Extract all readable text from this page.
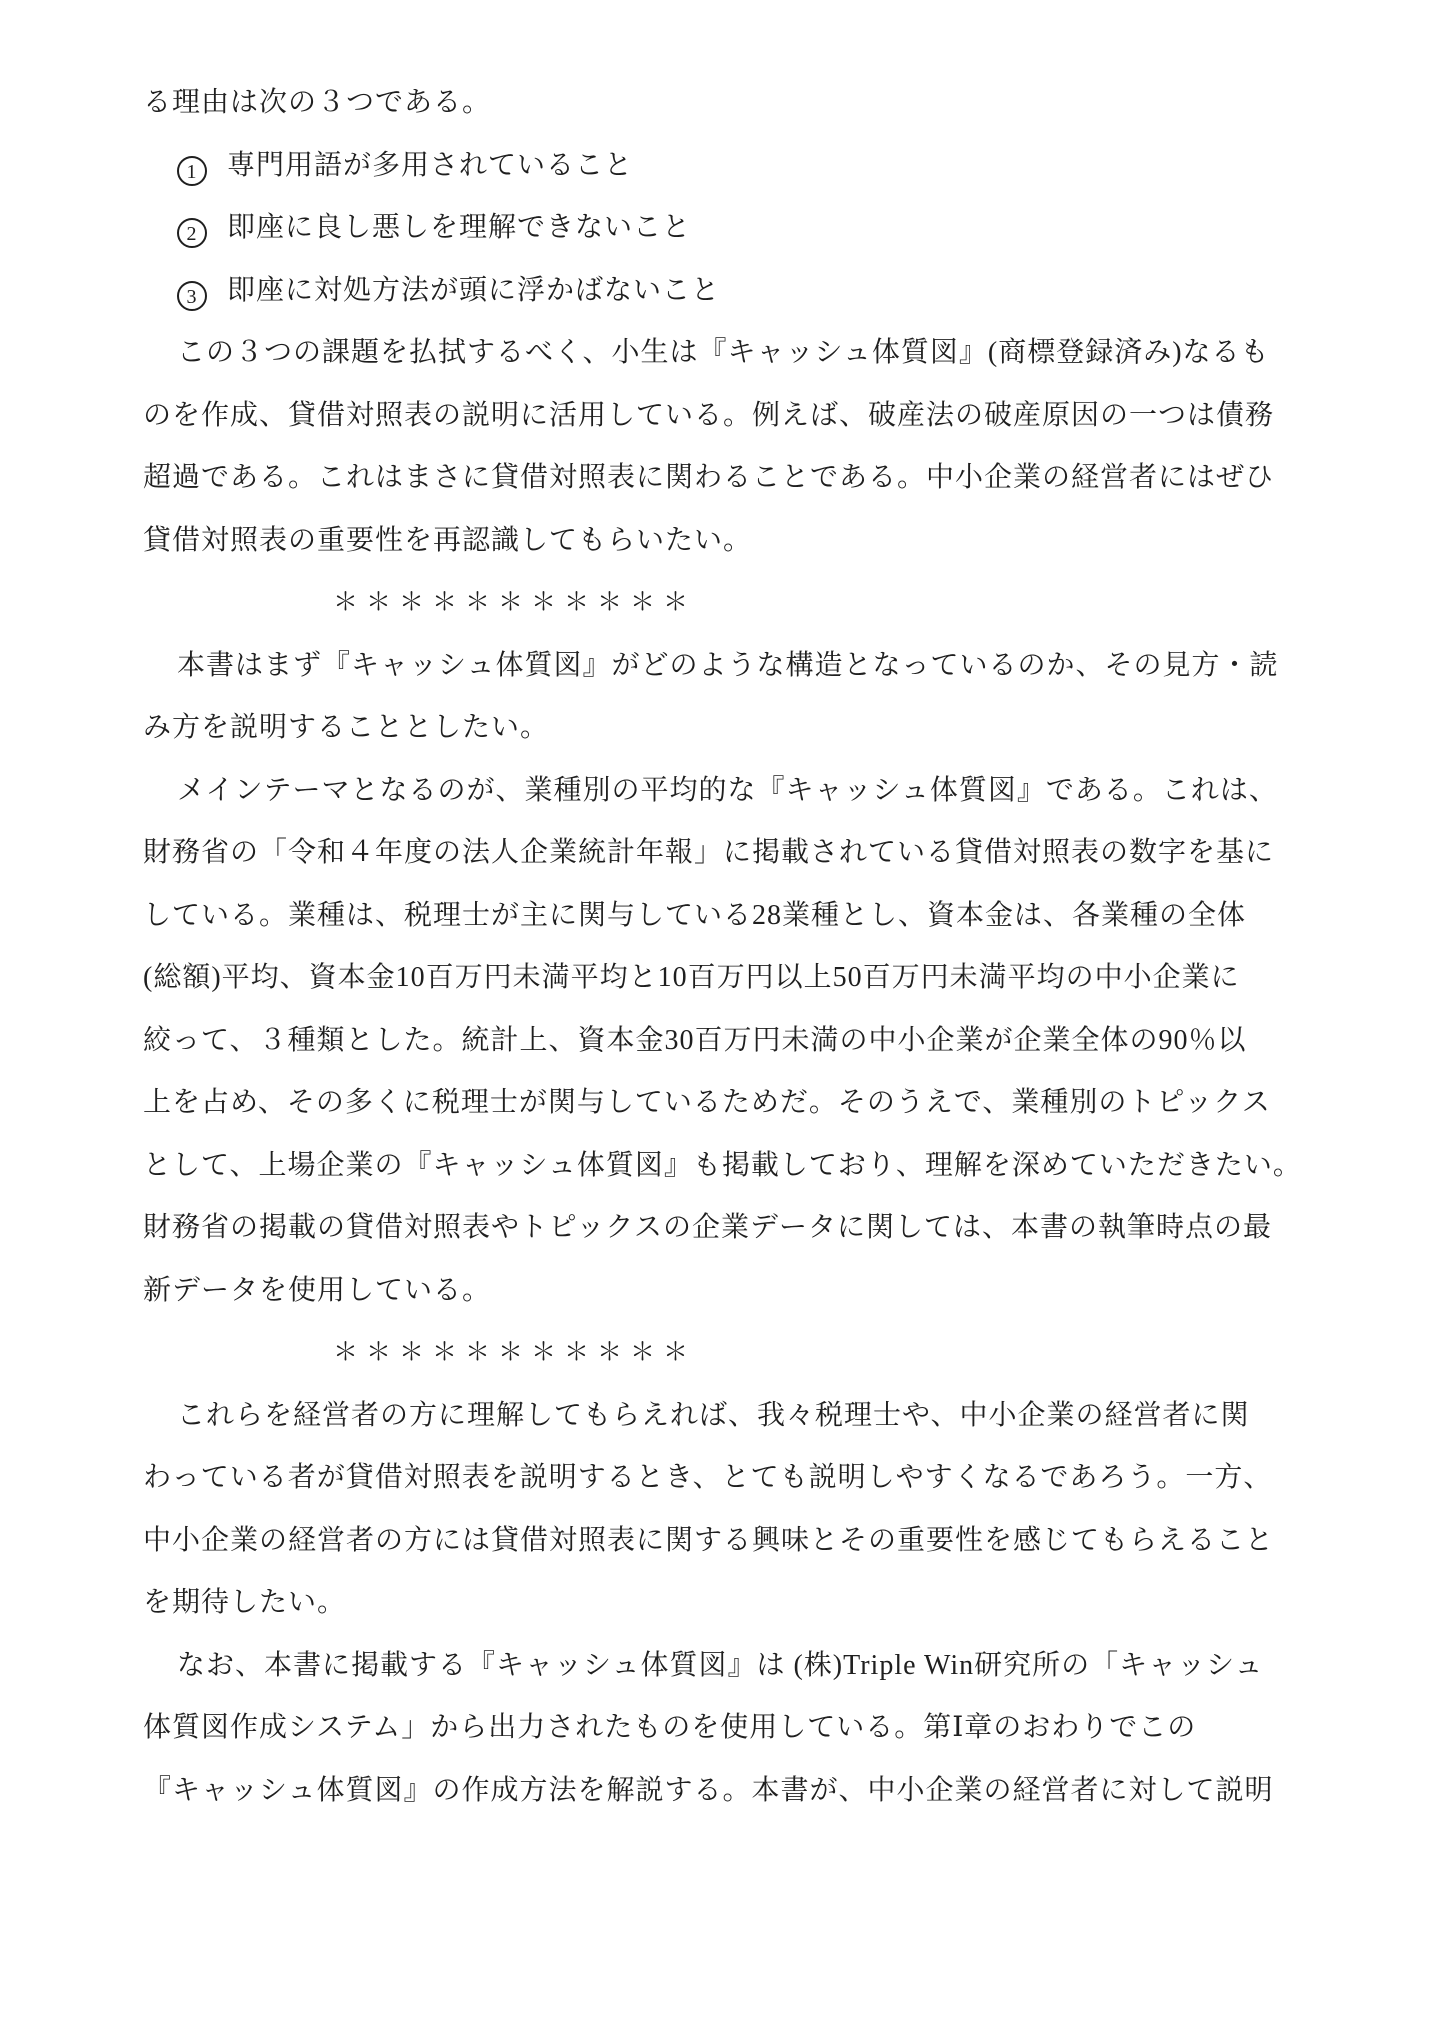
る理由は次の３つである。
1 専門用語が多用されていること
2 即座に良し悪しを理解できないこと
3 即座に対処方法が頭に浮かばないこと
この３つの課題を払拭するべく、小生は『キャッシュ体質図』(商標登録済み)なるも
のを作成、貸借対照表の説明に活用している。例えば、破産法の破産原因の一つは債務
超過である。これはまさに貸借対照表に関わることである。中小企業の経営者にはぜひ
貸借対照表の重要性を再認識してもらいたい。
＊＊＊＊＊＊＊＊＊＊＊
本書はまず『キャッシュ体質図』がどのような構造となっているのか、その見方・読
み方を説明することとしたい。
メインテーマとなるのが、業種別の平均的な『キャッシュ体質図』である。これは、
財務省の「令和４年度の法人企業統計年報」に掲載されている貸借対照表の数字を基に
している。業種は、税理士が主に関与している28業種とし、資本金は、各業種の全体
(総額)平均、資本金10百万円未満平均と10百万円以上50百万円未満平均の中小企業に
絞って、３種類とした。統計上、資本金30百万円未満の中小企業が企業全体の90％以
上を占め、その多くに税理士が関与しているためだ。そのうえで、業種別のトピックス
として、上場企業の『キャッシュ体質図』も掲載しており、理解を深めていただきたい。
財務省の掲載の貸借対照表やトピックスの企業データに関しては、本書の執筆時点の最
新データを使用している。
＊＊＊＊＊＊＊＊＊＊＊
これらを経営者の方に理解してもらえれば、我々税理士や、中小企業の経営者に関
わっている者が貸借対照表を説明するとき、とても説明しやすくなるであろう。一方、
中小企業の経営者の方には貸借対照表に関する興味とその重要性を感じてもらえること
を期待したい。
なお、本書に掲載する『キャッシュ体質図』は (株)Triple Win研究所の「キャッシュ
体質図作成システム」から出力されたものを使用している。第Ⅰ章のおわりでこの
『キャッシュ体質図』の作成方法を解説する。本書が、中小企業の経営者に対して説明
